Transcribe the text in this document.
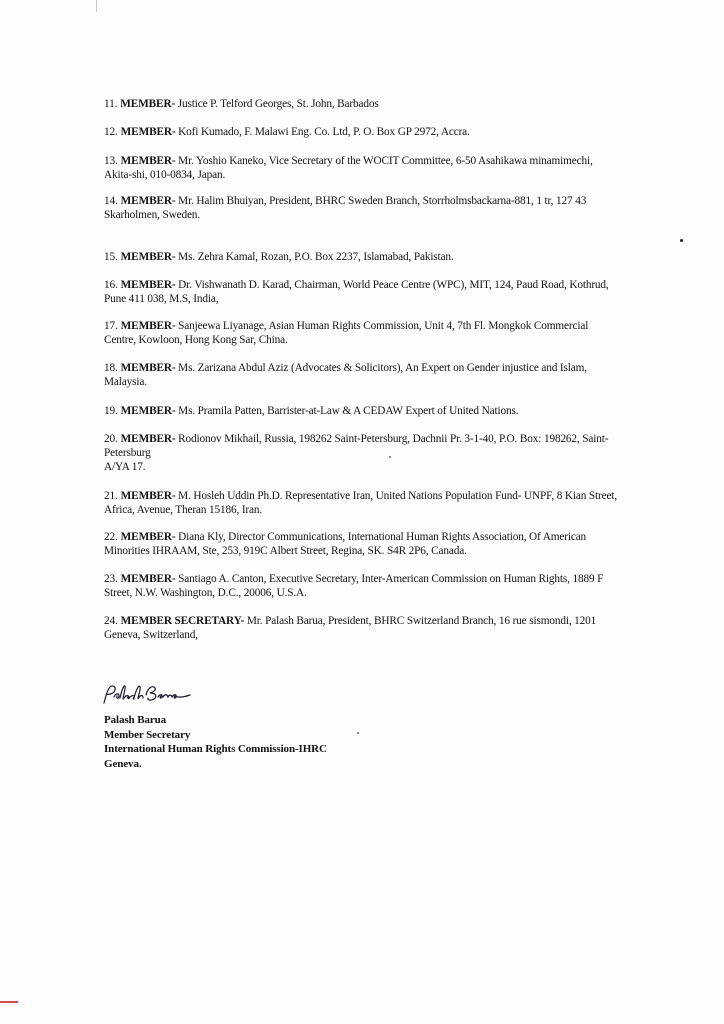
11. MEMBER- Justice P. Telford Georges, St. John, Barbados
12. MEMBER- Kofi Kumado, F. Malawi Eng. Co. Ltd, P. O. Box GP 2972, Accra.
13. MEMBER- Mr. Yoshio Kaneko, Vice Secretary of the WOCIT Committee, 6-50 Asahikawa minamimechi,
Akita-shi, 010-0834, Japan.
14. MEMBER- Mr. Halim Bhuiyan, President, BHRC Sweden Branch, Storrholmsbackarna-881, 1 tr, 127 43
Skarholmen, Sweden.
15. MEMBER- Ms. Zehra Kamal, Rozan, P.O. Box 2237, Islamabad, Pakistan.
16. MEMBER- Dr. Vishwanath D. Karad, Chairman, World Peace Centre (WPC), MIT, 124, Paud Road, Kothrud,
Pune 411 038, M.S, India,
17. MEMBER- Sanjeewa Liyanage, Asian Human Rights Commission, Unit 4, 7th Fl. Mongkok Commercial
Centre, Kowloon, Hong Kong Sar, China.
18. MEMBER- Ms. Zarizana Abdul Aziz (Advocates & Solicitors), An Expert on Gender injustice and Islam,
Malaysia.
19. MEMBER- Ms. Pramila Patten, Barrister-at-Law & A CEDAW Expert of United Nations.
20. MEMBER- Rodionov Mikhail, Russia, 198262 Saint-Petersburg, Dachnii Pr. 3-1-40, P.O. Box: 198262, Saint-
Petersburg
A/YA 17.
21. MEMBER- M. Hosleh Uddin Ph.D. Representative Iran, United Nations Population Fund- UNPF, 8 Kian Street,
Africa, Avenue, Theran 15186, Iran.
22. MEMBER- Diana Kly, Director Communications, International Human Rights Association, Of American
Minorities IHRAAM, Ste, 253, 919C Albert Street, Regina, SK. S4R 2P6, Canada.
23. MEMBER- Santiago A. Canton, Executive Secretary, Inter-American Commission on Human Rights, 1889 F
Street, N.W. Washington, D.C., 20006, U.S.A.
24. MEMBER SECRETARY- Mr. Palash Barua, President, BHRC Switzerland Branch, 16 rue sismondi, 1201
Geneva, Switzerland,
Palash Barua
Member Secretary
International Human Rights Commission-IHRC
Geneva.
